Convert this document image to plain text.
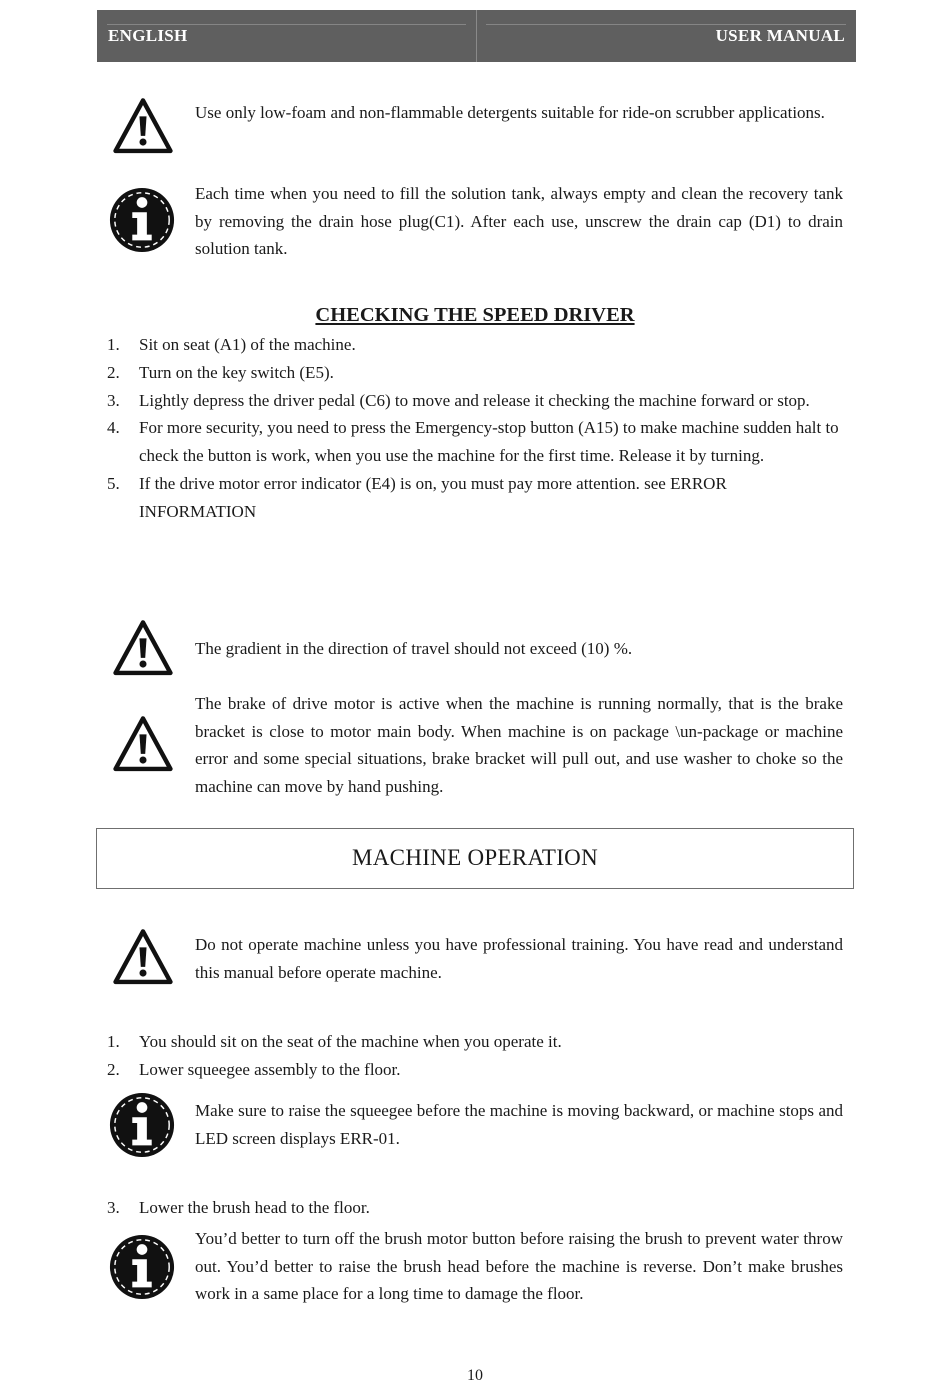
ENGLISH	USER MANUAL
Use only low-foam and non-flammable detergents suitable for ride-on scrubber applications.
Each time when you need to fill the solution tank, always empty and clean the recovery tank by removing the drain hose plug(C1). After each use, unscrew the drain cap (D1) to drain solution tank.
CHECKING THE SPEED DRIVER
1. Sit on seat (A1) of the machine.
2. Turn on the key switch (E5).
3. Lightly depress the driver pedal (C6) to move and release it checking the machine forward or stop.
4. For more security, you need to press the Emergency-stop button (A15) to make machine sudden halt to check the button is work, when you use the machine for the first time. Release it by turning.
5. If the drive motor error indicator (E4) is on, you must pay more attention. see ERROR INFORMATION
The gradient in the direction of travel should not exceed (10) %.
The brake of drive motor is active when the machine is running normally, that is the brake bracket is close to motor main body. When machine is on package \un-package or machine error and some special situations, brake bracket will pull out, and use washer to choke so the machine can move by hand pushing.
MACHINE OPERATION
Do not operate machine unless you have professional training. You have read and understand this manual before operate machine.
1. You should sit on the seat of the machine when you operate it.
2. Lower squeegee assembly to the floor.
Make sure to raise the squeegee before the machine is moving backward, or machine stops and LED screen displays ERR-01.
3. Lower the brush head to the floor.
You’d better to turn off the brush motor button before raising the brush to prevent water throw out. You’d better to raise the brush head before the machine is reverse. Don’t make brushes work in a same place for a long time to damage the floor.
10
